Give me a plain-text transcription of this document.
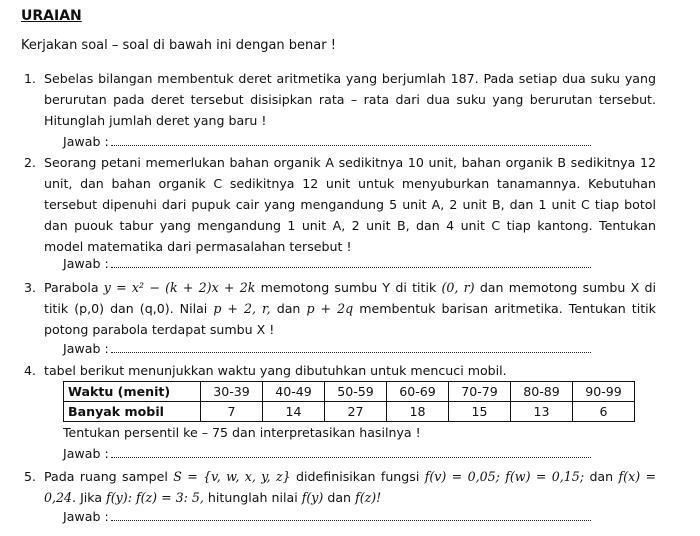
URAIAN
Kerjakan soal – soal di bawah ini dengan benar !
1. Sebelas bilangan membentuk deret aritmetika yang berjumlah 187. Pada setiap dua suku yang berurutan pada deret tersebut disisipkan rata – rata dari dua suku yang berurutan tersebut. Hitunglah jumlah deret yang baru !
Jawab :
2. Seorang petani memerlukan bahan organik A sedikitnya 10 unit, bahan organik B sedikitnya 12 unit, dan bahan organik C sedikitnya 12 unit untuk menyuburkan tanamannya. Kebutuhan tersebut dipenuhi dari pupuk cair yang mengandung 5 unit A, 2 unit B, dan 1 unit C tiap botol dan puouk tabur yang mengandung 1 unit A, 2 unit B, dan 4 unit C tiap kantong. Tentukan model matematika dari permasalahan tersebut !
Jawab :
3. Parabola y = x² − (k + 2)x + 2k memotong sumbu Y di titik (0, r) dan memotong sumbu X di titik (p,0) dan (q,0). Nilai p + 2, r, dan p + 2q membentuk barisan aritmetika. Tentukan titik potong parabola terdapat sumbu X !
Jawab :
4. tabel berikut menunjukkan waktu yang dibutuhkan untuk mencuci mobil.
Waktu (menit)	30-39	40-49	50-59	60-69	70-79	80-89	90-99
Banyak mobil	7	14	27	18	15	13	6
Tentukan persentil ke – 75 dan interpretasikan hasilnya !
Jawab :
5. Pada ruang sampel S = {v, w, x, y, z} didefinisikan fungsi f(v) = 0,05; f(w) = 0,15; dan f(x) = 0,24. Jika f(y): f(z) = 3: 5, hitunglah nilai f(y) dan f(z)!
Jawab :
